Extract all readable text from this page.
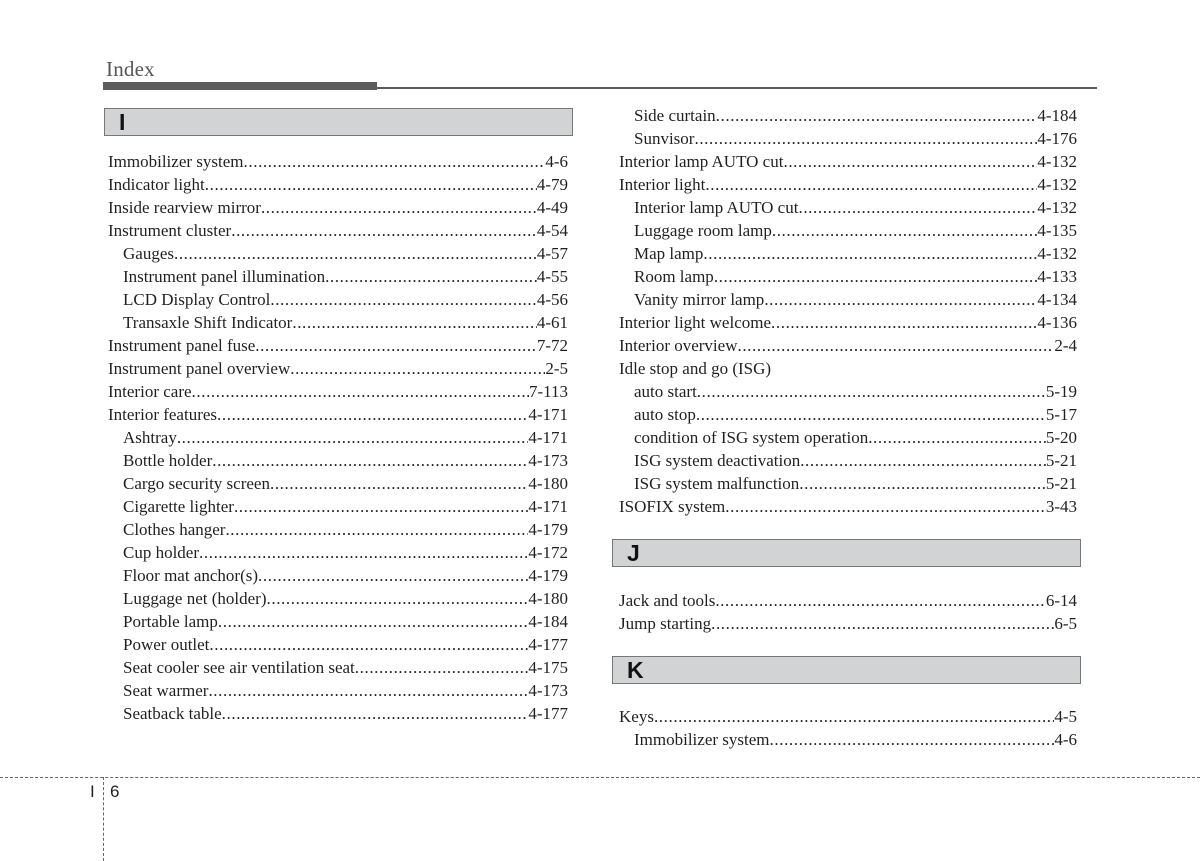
Index
I
Immobilizer system .....	4-6
Indicator light .....	4-79
Inside rearview mirror .....	4-49
Instrument cluster .....	4-54
Gauges .....	4-57
Instrument panel illumination .....	4-55
LCD Display Control .....	4-56
Transaxle Shift Indicator .....	4-61
Instrument panel fuse .....	7-72
Instrument panel overview .....	2-5
Interior care .....	7-113
Interior features .....	4-171
Ashtray .....	4-171
Bottle holder .....	4-173
Cargo security screen .....	4-180
Cigarette lighter .....	4-171
Clothes hanger .....	4-179
Cup holder .....	4-172
Floor mat anchor(s) .....	4-179
Luggage net (holder) .....	4-180
Portable lamp .....	4-184
Power outlet .....	4-177
Seat cooler see air ventilation seat .....	4-175
Seat warmer .....	4-173
Seatback table .....	4-177
Side curtain .....	4-184
Sunvisor .....	4-176
Interior lamp AUTO cut .....	4-132
Interior light .....	4-132
Interior lamp AUTO cut .....	4-132
Luggage room lamp .....	4-135
Map lamp .....	4-132
Room lamp .....	4-133
Vanity mirror lamp .....	4-134
Interior light welcome .....	4-136
Interior overview .....	2-4
Idle stop and go (ISG)
auto start .....	5-19
auto stop .....	5-17
condition of ISG system operation .....	5-20
ISG system deactivation .....	5-21
ISG system malfunction .....	5-21
ISOFIX system .....	3-43
J
Jack and tools .....	6-14
Jump starting .....	6-5
K
Keys .....	4-5
Immobilizer system .....	4-6
I 6
